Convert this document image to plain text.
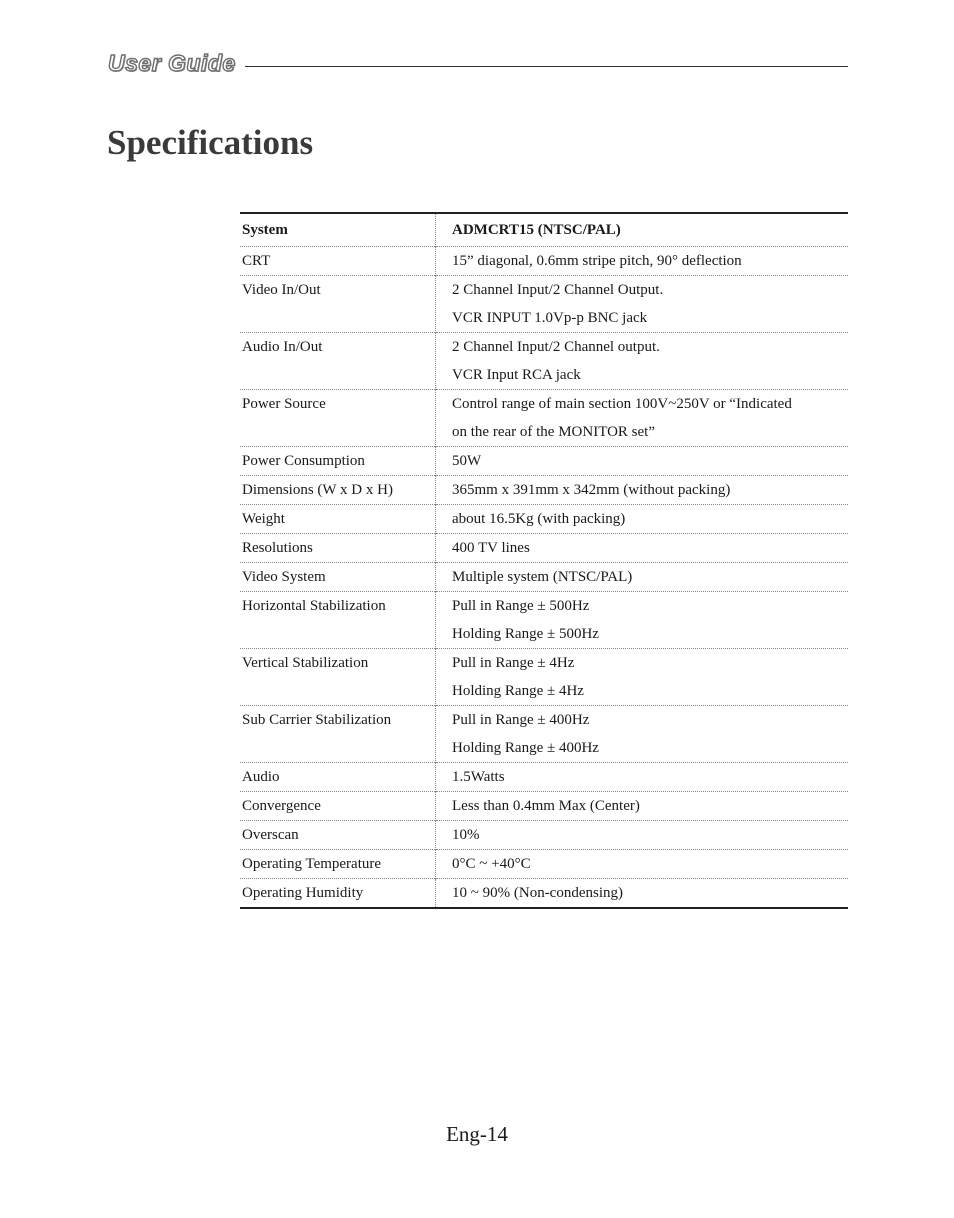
User Guide
Specifications
System	ADMCRT15 (NTSC/PAL)
CRT	15” diagonal, 0.6mm stripe pitch, 90° deflection

Video In/Out	2 Channel Input/2 Channel Output.
VCR INPUT 1.0Vp-p BNC jack

Audio In/Out	2 Channel Input/2 Channel output.
VCR Input RCA jack

Power Source	Control range of main section 100V~250V or “Indicated
on the rear of the MONITOR set”

Power Consumption	50W

Dimensions (W x D x H)	365mm x 391mm x 342mm (without packing)

Weight	about 16.5Kg (with packing)

Resolutions	400 TV lines

Video System	Multiple system (NTSC/PAL)

Horizontal Stabilization	Pull in Range ± 500Hz
Holding Range ± 500Hz

Vertical Stabilization	Pull in Range ± 4Hz
Holding Range ± 4Hz

Sub Carrier Stabilization	Pull in Range ± 400Hz
Holding Range ± 400Hz

Audio	1.5Watts

Convergence	Less than 0.4mm Max (Center)

Overscan	10%

Operating Temperature	0°C ~ +40°C

Operating Humidity	10 ~ 90% (Non-condensing)
Eng-14
